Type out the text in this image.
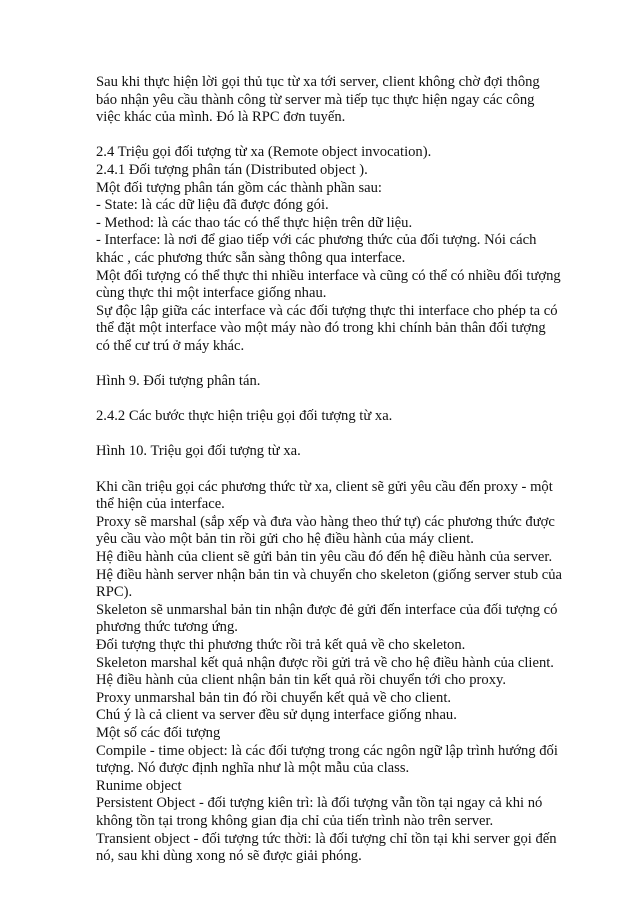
Sau khi thực hiện lời gọi thủ tục từ xa tới server, client không chờ đợi thông
báo nhận yêu cầu thành công từ server mà tiếp tục thực hiện ngay các công
việc khác của mình. Đó là RPC đơn tuyến.

2.4 Triệu gọi đối tượng từ xa (Remote object invocation).
2.4.1 Đối tượng phân tán (Distributed object ).
Một đối tượng phân tán gồm các thành phần sau:
- State: là các dữ liệu đã được đóng gói.
- Method: là các thao tác có thể thực hiện trên dữ liệu.
- Interface: là nơi để giao tiếp với các phương thức của đối tượng. Nói cách
khác , các phương thức sẵn sàng thông qua interface.
Một đối tượng có thể thực thi nhiều interface và cũng có thể có nhiều đối tượng
cùng thực thi một interface giống nhau.
Sự độc lập giữa các interface và các đối tượng thực thi interface cho phép ta có
thể đặt một interface vào một máy nào đó trong khi chính bản thân đối tượng
có thể cư trú ở máy khác.

Hình 9. Đối tượng phân tán.

2.4.2 Các bước thực hiện triệu gọi đối tượng từ xa.

Hình 10. Triệu gọi đối tượng từ xa.

Khi cần triệu gọi các phương thức từ xa, client sẽ gửi yêu cầu đến proxy - một
thể hiện của interface.
Proxy sẽ marshal (sắp xếp và đưa vào hàng theo thứ tự) các phương thức được
yêu cầu vào một bản tin rồi gửi cho hệ điều hành của máy client.
Hệ điều hành của client sẽ gửi bản tin yêu cầu đó đến hệ điều hành của server.
Hệ điều hành server nhận bản tin và chuyển cho skeleton (giống server stub của
RPC).
Skeleton sẽ unmarshal bản tin nhận được đẻ gửi đến interface của đối tượng có
phương thức tương ứng.
Đối tượng thực thi phương thức rồi trả kết quả về cho skeleton.
Skeleton marshal kết quả nhận được rồi gửi trả về cho hệ điều hành của client.
Hệ điều hành của client nhận bản tin kết quả rồi chuyển tới cho proxy.
Proxy unmarshal bản tin đó rồi chuyển kết quả về cho client.
Chú ý là cả client va server đều sử dụng interface giống nhau.
Một số các đối tượng
Compile - time object: là các đối tượng trong các ngôn ngữ lập trình hướng đối
tượng. Nó được định nghĩa như là một mẫu của class.
Runime object
Persistent Object - đối tượng kiên trì: là đối tượng vẫn tồn tại ngay cả khi nó
không tồn tại trong không gian địa chỉ của tiến trình nào trên server.
Transient object - đối tượng tức thời: là đối tượng chỉ tồn tại khi server gọi đến
nó, sau khi dùng xong nó sẽ được giải phóng.
